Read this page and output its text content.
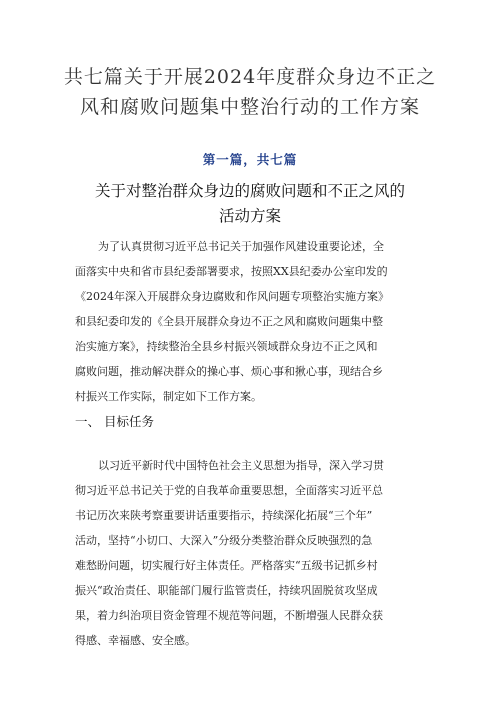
共七篇关于开展2024年度群众身边不正之
风和腐败问题集中整治行动的工作方案
第一篇，共七篇
关于对整治群众身边的腐败问题和不正之风的
活动方案
为了认真贯彻习近平总书记关于加强作风建设重要论述，全
面落实中央和省市县纪委部署要求，按照XX县纪委办公室印发的
《2024年深入开展群众身边腐败和作风问题专项整治实施方案》
和县纪委印发的《全县开展群众身边不正之风和腐败问题集中整
治实施方案》，持续整治全县乡村振兴领域群众身边不正之风和
腐败问题，推动解决群众的操心事、烦心事和揪心事，现结合乡
村振兴工作实际，制定如下工作方案。
一、 目标任务
以习近平新时代中国特色社会主义思想为指导，深入学习贯
彻习近平总书记关于党的自我革命重要思想，全面落实习近平总
书记历次来陕考察重要讲话重要指示，持续深化拓展“三个年”
活动，坚持“小切口、大深入”分级分类整治群众反映强烈的急
难愁盼问题，切实履行好主体责任。严格落实“五级书记抓乡村
振兴“政治责任、职能部门履行监管责任，持续巩固脱贫攻坚成
果，着力纠治项目资金管理不规范等问题，不断增强人民群众获
得感、幸福感、安全感。
